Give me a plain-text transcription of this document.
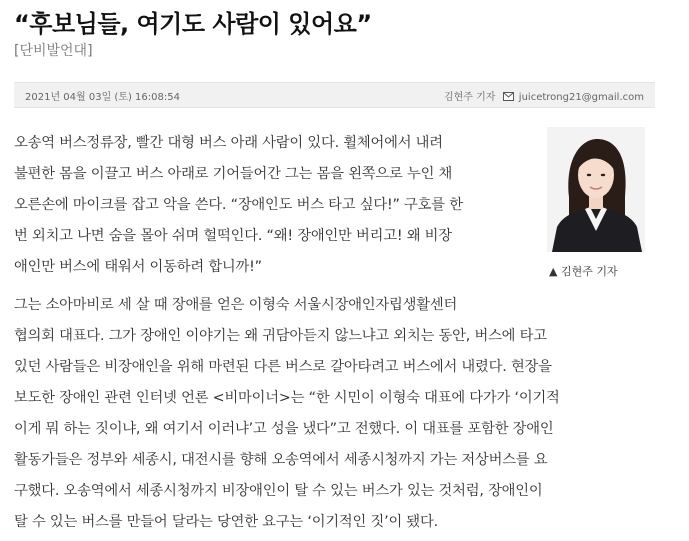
“후보님들, 여기도 사람이 있어요”
[단비발언대]
2021년 04월 03일 (토) 16:08:54	김현주 기자 juicetrong21@gmail.com
오송역 버스정류장, 빨간 대형 버스 아래 사람이 있다. 휠체어에서 내려
불편한 몸을 이끌고 버스 아래로 기어들어간 그는 몸을 왼쪽으로 누인 채
오른손에 마이크를 잡고 악을 쓴다. “장애인도 버스 타고 싶다!” 구호를 한
번 외치고 나면 숨을 몰아 쉬며 헐떡인다. “왜! 장애인만 버리고! 왜 비장
애인만 버스에 태워서 이동하려 합니까!”	▲ 김현주 기자
그는 소아마비로 세 살 때 장애를 얻은 이형숙 서울시장애인자립생활센터
협의회 대표다. 그가 장애인 이야기는 왜 귀담아듣지 않느냐고 외치는 동안, 버스에 타고
있던 사람들은 비장애인을 위해 마련된 다른 버스로 갈아타려고 버스에서 내렸다. 현장을
보도한 장애인 관련 인터넷 언론 <비마이너>는 “한 시민이 이형숙 대표에 다가가 ‘이기적
이게 뭐 하는 짓이냐, 왜 여기서 이러냐’고 성을 냈다”고 전했다. 이 대표를 포함한 장애인
활동가들은 정부와 세종시, 대전시를 향해 오송역에서 세종시청까지 가는 저상버스를 요
구했다. 오송역에서 세종시청까지 비장애인이 탈 수 있는 버스가 있는 것처럼, 장애인이
탈 수 있는 버스를 만들어 달라는 당연한 요구는 ‘이기적인 짓’이 됐다.
